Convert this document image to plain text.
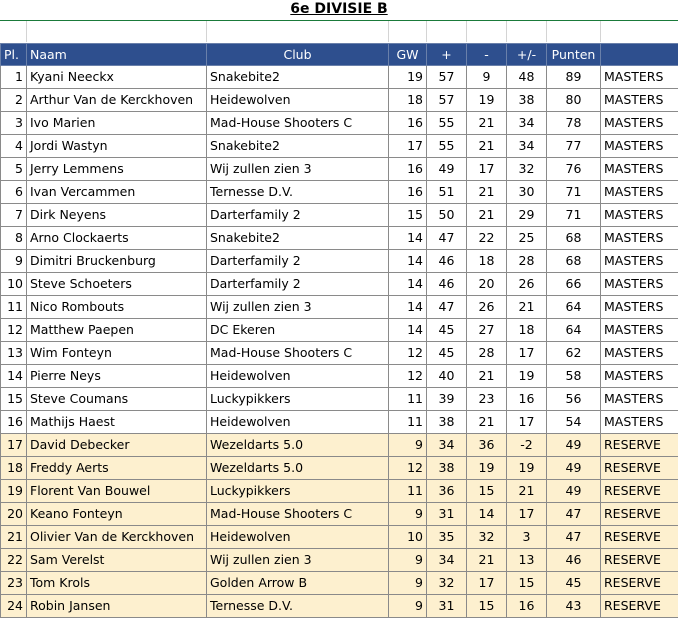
6e DIVISIE B
Pl.	Naam	Club	GW	+	-	+/-	Punten	
1	Kyani Neeckx	Snakebite2	19	57	9	48	89	MASTERS
2	Arthur Van de Kerckhoven	Heidewolven	18	57	19	38	80	MASTERS
3	Ivo Marien	Mad-House Shooters C	16	55	21	34	78	MASTERS
4	Jordi Wastyn	Snakebite2	17	55	21	34	77	MASTERS
5	Jerry Lemmens	Wij zullen zien 3	16	49	17	32	76	MASTERS
6	Ivan Vercammen	Ternesse D.V.	16	51	21	30	71	MASTERS
7	Dirk Neyens	Darterfamily 2	15	50	21	29	71	MASTERS
8	Arno Clockaerts	Snakebite2	14	47	22	25	68	MASTERS
9	Dimitri Bruckenburg	Darterfamily 2	14	46	18	28	68	MASTERS
10	Steve Schoeters	Darterfamily 2	14	46	20	26	66	MASTERS
11	Nico Rombouts	Wij zullen zien 3	14	47	26	21	64	MASTERS
12	Matthew Paepen	DC Ekeren	14	45	27	18	64	MASTERS
13	Wim Fonteyn	Mad-House Shooters C	12	45	28	17	62	MASTERS
14	Pierre Neys	Heidewolven	12	40	21	19	58	MASTERS
15	Steve Coumans	Luckypikkers	11	39	23	16	56	MASTERS
16	Mathijs Haest	Heidewolven	11	38	21	17	54	MASTERS
17	David Debecker	Wezeldarts 5.0	9	34	36	-2	49	RESERVE
18	Freddy Aerts	Wezeldarts 5.0	12	38	19	19	49	RESERVE
19	Florent Van Bouwel	Luckypikkers	11	36	15	21	49	RESERVE
20	Keano Fonteyn	Mad-House Shooters C	9	31	14	17	47	RESERVE
21	Olivier Van de Kerckhoven	Heidewolven	10	35	32	3	47	RESERVE
22	Sam Verelst	Wij zullen zien 3	9	34	21	13	46	RESERVE
23	Tom Krols	Golden Arrow B	9	32	17	15	45	RESERVE
24	Robin Jansen	Ternesse D.V.	9	31	15	16	43	RESERVE
